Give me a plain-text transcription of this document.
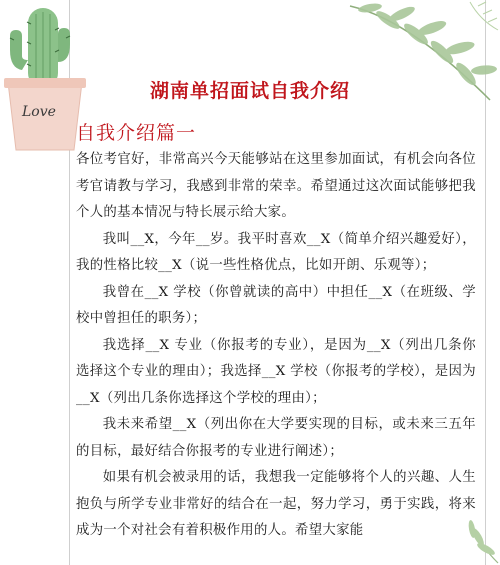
Love
湖南单招面试自我介绍
自我介绍篇一

各位考官好，非常高兴今天能够站在这里参加面试，有机会向各位考官请教与学习，我感到非常的荣幸。希望通过这次面试能够把我个人的基本情况与特长展示给大家。

我叫__X，今年__岁。我平时喜欢__X（简单介绍兴趣爱好），我的性格比较__X（说一些性格优点，比如开朗、乐观等）；

我曾在__X 学校（你曾就读的高中）中担任__X（在班级、学校中曾担任的职务）；

我选择__X 专业（你报考的专业），是因为__X（列出几条你选择这个专业的理由）；我选择__X 学校（你报考的学校），是因为__X（列出几条你选择这个学校的理由）；

我未来希望__X（列出你在大学要实现的目标，或未来三五年的目标，最好结合你报考的专业进行阐述）；

如果有机会被录用的话，我想我一定能够将个人的兴趣、人生抱负与所学专业非常好的结合在一起，努力学习，勇于实践，将来成为一个对社会有着积极作用的人。希望大家能
